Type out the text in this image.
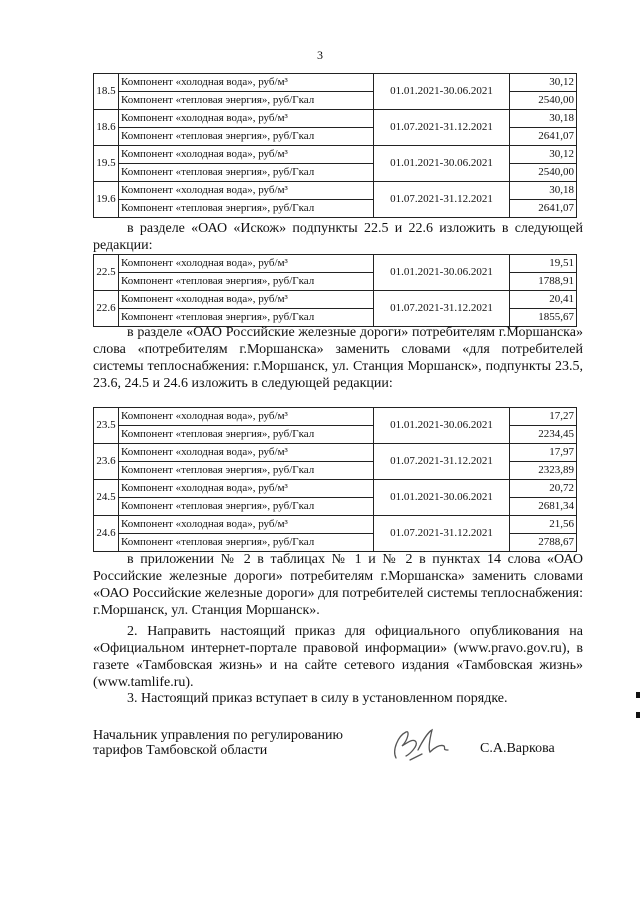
3
18.5	Компонент «холодная вода», руб/м³	01.01.2021-30.06.2021	30,12
	Компонент «тепловая энергия», руб/Гкал		2540,00
18.6	Компонент «холодная вода», руб/м³	01.07.2021-31.12.2021	30,18
	Компонент «тепловая энергия», руб/Гкал		2641,07
19.5	Компонент «холодная вода», руб/м³	01.01.2021-30.06.2021	30,12
	Компонент «тепловая энергия», руб/Гкал		2540,00
19.6	Компонент «холодная вода», руб/м³	01.07.2021-31.12.2021	30,18
	Компонент «тепловая энергия», руб/Гкал		2641,07
в разделе «ОАО «Искож» подпункты 22.5 и 22.6 изложить в следующей редакции:
22.5	Компонент «холодная вода», руб/м³	01.01.2021-30.06.2021	19,51
	Компонент «тепловая энергия», руб/Гкал		1788,91
22.6	Компонент «холодная вода», руб/м³	01.07.2021-31.12.2021	20,41
	Компонент «тепловая энергия», руб/Гкал		1855,67
в разделе «ОАО Российские железные дороги» потребителям г.Моршанска» слова «потребителям г.Моршанска» заменить словами «для потребителей системы теплоснабжения: г.Моршанск, ул. Станция Моршанск», подпункты 23.5, 23.6, 24.5 и 24.6 изложить в следующей редакции:
23.5	Компонент «холодная вода», руб/м³	01.01.2021-30.06.2021	17,27
	Компонент «тепловая энергия», руб/Гкал		2234,45
23.6	Компонент «холодная вода», руб/м³	01.07.2021-31.12.2021	17,97
	Компонент «тепловая энергия», руб/Гкал		2323,89
24.5	Компонент «холодная вода», руб/м³	01.01.2021-30.06.2021	20,72
	Компонент «тепловая энергия», руб/Гкал		2681,34
24.6	Компонент «холодная вода», руб/м³	01.07.2021-31.12.2021	21,56
	Компонент «тепловая энергия», руб/Гкал		2788,67
в приложении № 2 в таблицах № 1 и № 2 в пунктах 14 слова «ОАО Российские железные дороги» потребителям г.Моршанска» заменить словами «ОАО Российские железные дороги» для потребителей системы теплоснабжения: г.Моршанск, ул. Станция Моршанск».
2. Направить настоящий приказ для официального опубликования на «Официальном интернет-портале правовой информации» (www.pravo.gov.ru), в газете «Тамбовская жизнь» и на сайте сетевого издания «Тамбовская жизнь» (www.tamlife.ru).
3. Настоящий приказ вступает в силу в установленном порядке.
Начальник управления по регулированию
тарифов Тамбовской области	С.А.Варкова
